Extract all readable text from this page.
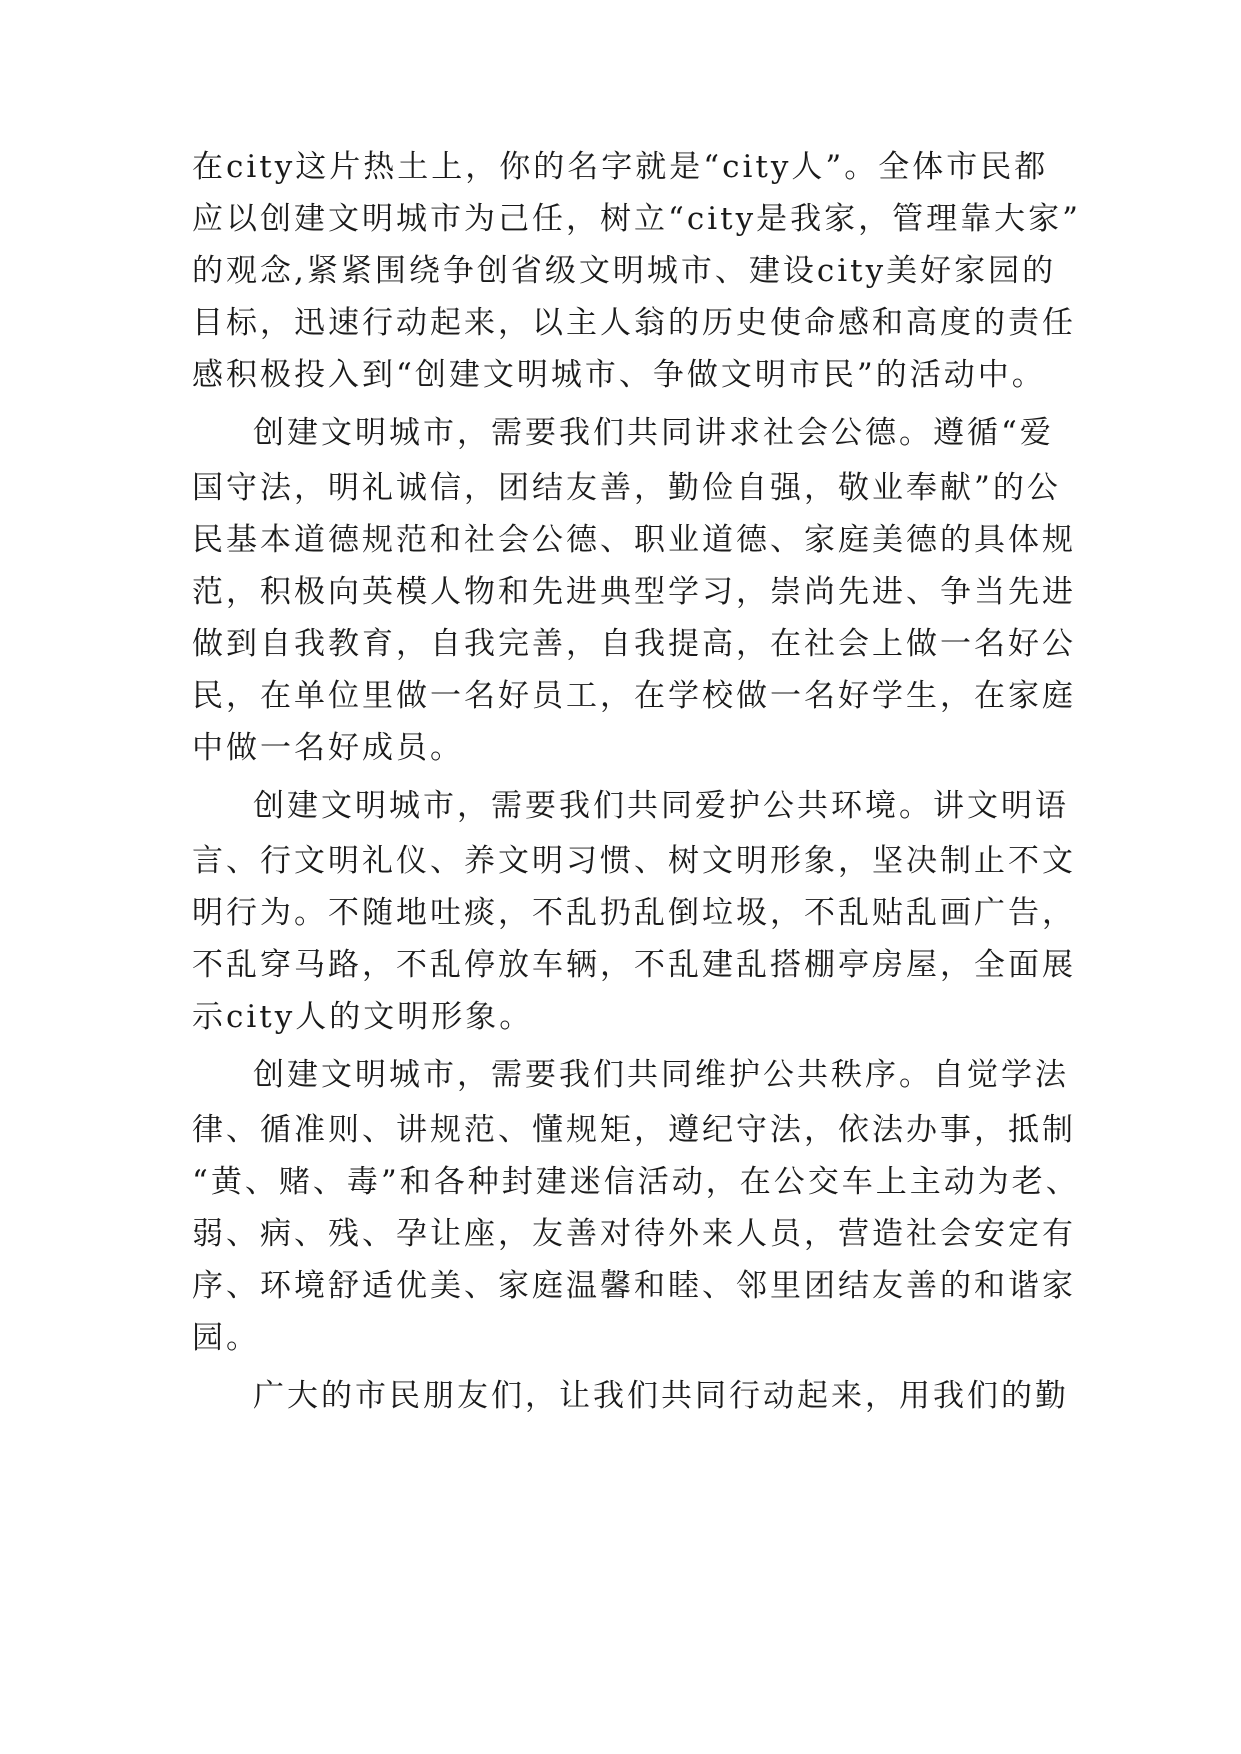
在city这片热土上，你的名字就是“city人”。全体市民都
应以创建文明城市为己任，树立“city是我家，管理靠大家”
的观念,紧紧围绕争创省级文明城市、建设city美好家园的
目标，迅速行动起来，以主人翁的历史使命感和高度的责任
感积极投入到“创建文明城市、争做文明市民”的活动中。
创建文明城市，需要我们共同讲求社会公德。遵循“爱
国守法，明礼诚信，团结友善，勤俭自强，敬业奉献”的公
民基本道德规范和社会公德、职业道德、家庭美德的具体规
范，积极向英模人物和先进典型学习，崇尚先进、争当先进
做到自我教育，自我完善，自我提高，在社会上做一名好公
民，在单位里做一名好员工，在学校做一名好学生，在家庭
中做一名好成员。
创建文明城市，需要我们共同爱护公共环境。讲文明语
言、行文明礼仪、养文明习惯、树文明形象，坚决制止不文
明行为。不随地吐痰，不乱扔乱倒垃圾，不乱贴乱画广告，
不乱穿马路，不乱停放车辆，不乱建乱搭棚亭房屋，全面展
示city人的文明形象。
创建文明城市，需要我们共同维护公共秩序。自觉学法
律、循准则、讲规范、懂规矩，遵纪守法，依法办事，抵制
“黄、赌、毒”和各种封建迷信活动，在公交车上主动为老、
弱、病、残、孕让座，友善对待外来人员，营造社会安定有
序、环境舒适优美、家庭温馨和睦、邻里团结友善的和谐家
园。
广大的市民朋友们，让我们共同行动起来，用我们的勤
